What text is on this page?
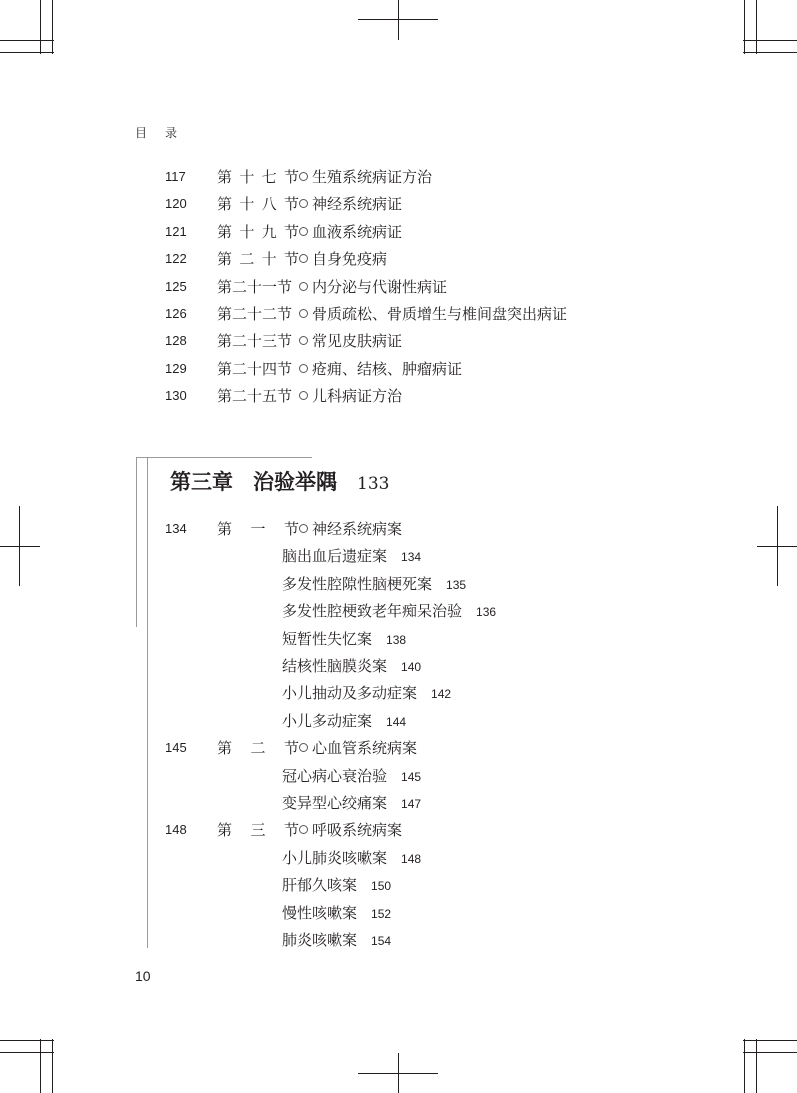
目 录
117	第 十 七 节 生殖系统病证方治
120	第 十 八 节 神经系统病证
121	第 十 九 节 血液系统病证
122	第 二 十 节 自身免疫病
125	第二十一节 内分泌与代谢性病证
126	第二十二节 骨质疏松、骨质增生与椎间盘突出病证
128	第二十三节 常见皮肤病证
129	第二十四节 疮痈、结核、肿瘤病证
130	第二十五节 儿科病证方治
第三章 治验举隅 133
134	第 一 节 神经系统病案
脑出血后遗症案 134
多发性腔隙性脑梗死案 135
多发性腔梗致老年痴呆治验 136
短暂性失忆案 138
结核性脑膜炎案 140
小儿抽动及多动症案 142
小儿多动症案 144
145	第 二 节 心血管系统病案
冠心病心衰治验 145
变异型心绞痛案 147
148	第 三 节 呼吸系统病案
小儿肺炎咳嗽案 148
肝郁久咳案 150
慢性咳嗽案 152
肺炎咳嗽案 154
10
